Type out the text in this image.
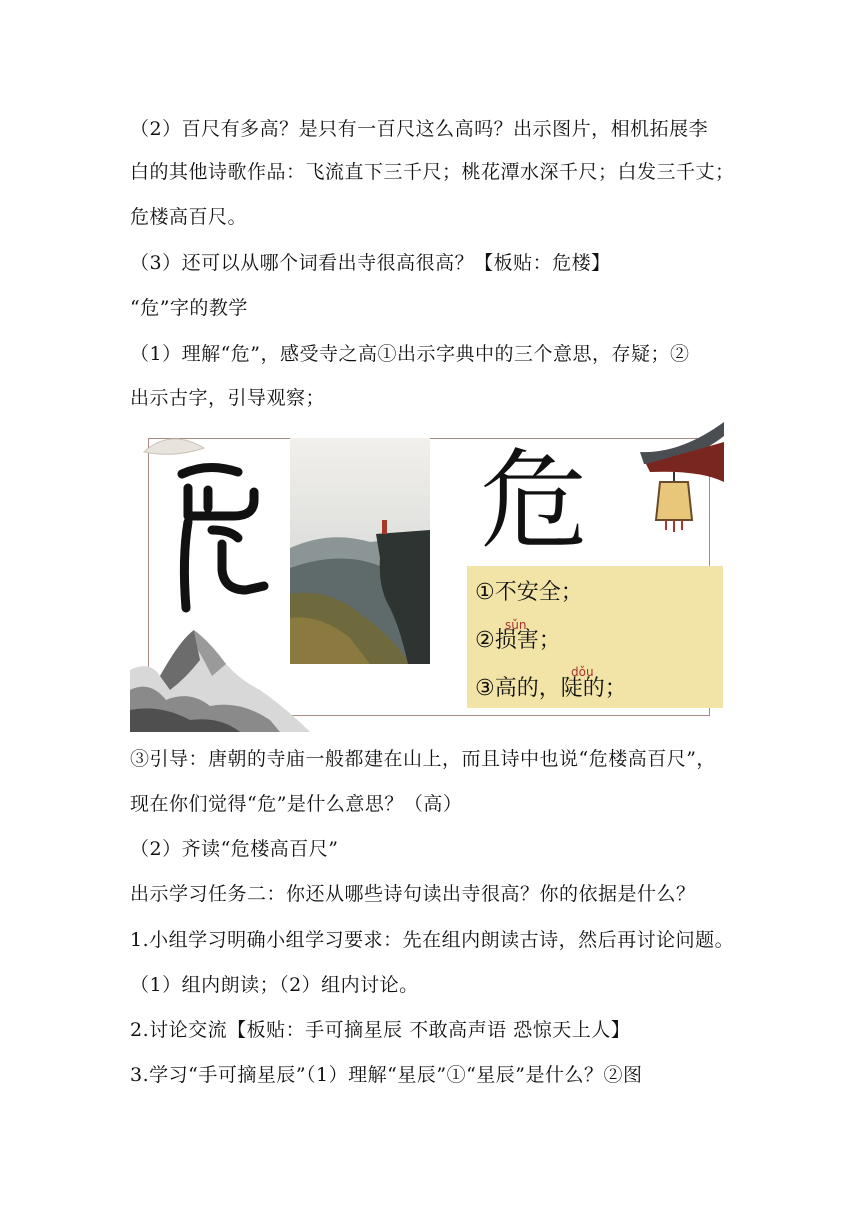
（2）百尺有多高？是只有一百尺这么高吗？出示图片，相机拓展李
白的其他诗歌作品：飞流直下三千尺；桃花潭水深千尺；白发三千丈；
危楼高百尺。
（3）还可以从哪个词看出寺很高很高？【板贴：危楼】
“危”字的教学
（1）理解“危”，感受寺之高①出示字典中的三个意思，存疑；②
出示古字，引导观察；
危
①不安全；
sǔn
②损害；
dǒu
③高的，陡的；
③引导：唐朝的寺庙一般都建在山上，而且诗中也说“危楼高百尺”，
现在你们觉得“危”是什么意思？（高）
（2）齐读“危楼高百尺”
出示学习任务二：你还从哪些诗句读出寺很高？你的依据是什么？
1.小组学习明确小组学习要求：先在组内朗读古诗，然后再讨论问题。
（1）组内朗读；（2）组内讨论。
2.讨论交流【板贴：手可摘星辰 不敢高声语 恐惊天上人】
3.学习“手可摘星辰”（1）理解“星辰”①“星辰”是什么？②图
